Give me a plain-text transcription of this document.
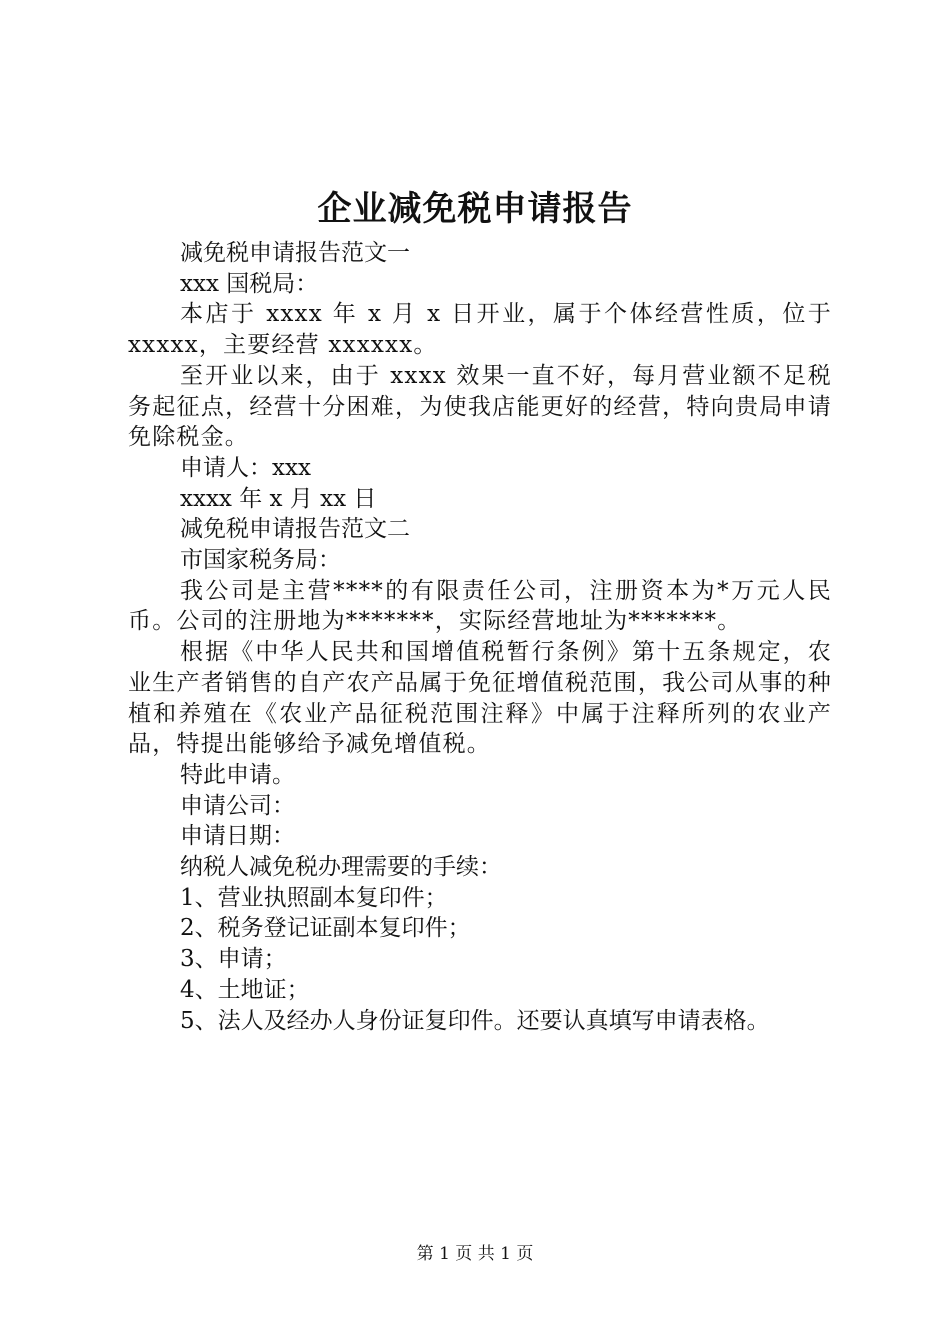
企业减免税申请报告

减免税申请报告范文一

xxx 国税局：

本店于 xxxx 年 x 月 x 日开业，属于个体经营性质，位于 xxxxx，主要经营 xxxxxx。

至开业以来，由于 xxxx 效果一直不好，每月营业额不足税务起征点，经营十分困难，为使我店能更好的经营，特向贵局申请免除税金。

申请人：xxx

xxxx 年 x 月 xx 日

减免税申请报告范文二

市国家税务局：

我公司是主营****的有限责任公司，注册资本为*万元人民币。公司的注册地为*******，实际经营地址为*******。

根据《中华人民共和国增值税暂行条例》第十五条规定，农业生产者销售的自产农产品属于免征增值税范围，我公司从事的种植和养殖在《农业产品征税范围注释》中属于注释所列的农业产品，特提出能够给予减免增值税。

特此申请。

申请公司：

申请日期：

纳税人减免税办理需要的手续：

1、营业执照副本复印件；

2、税务登记证副本复印件；

3、申请；

4、土地证；

5、法人及经办人身份证复印件。还要认真填写申请表格。

第 1 页 共 1 页
